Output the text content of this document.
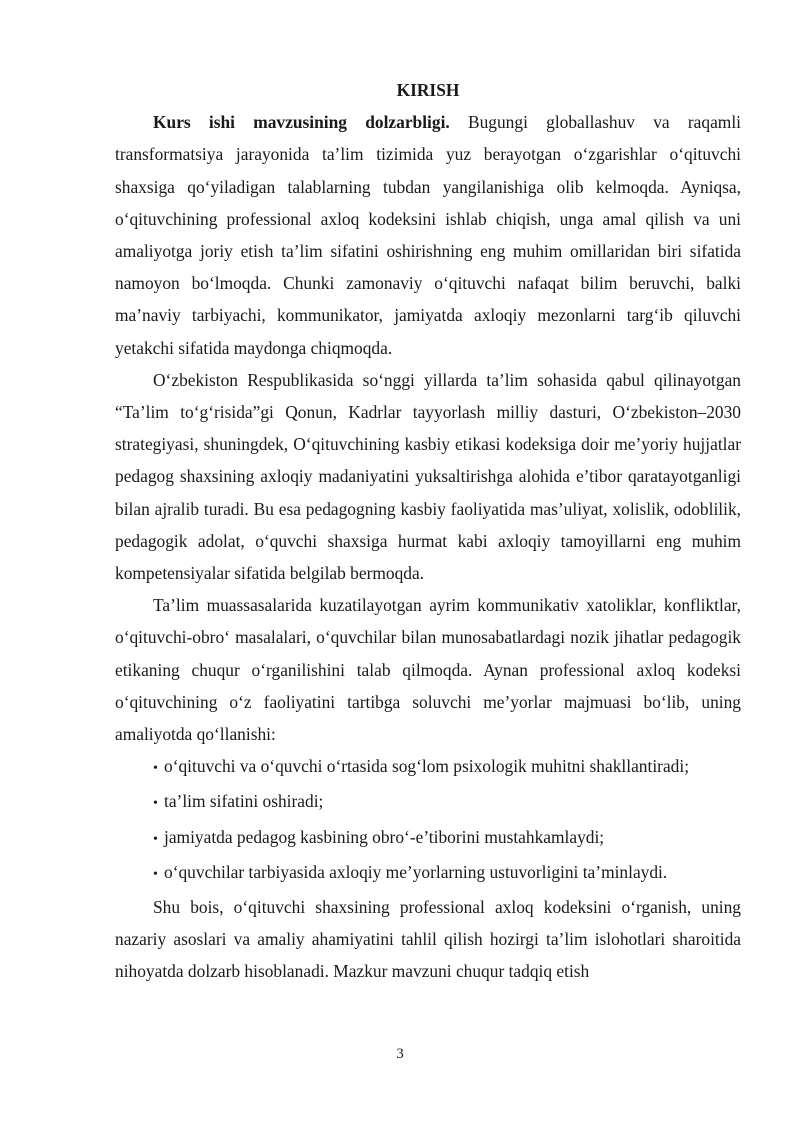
KIRISH

Kurs ishi mavzusining dolzarbligi. Bugungi globallashuv va raqamli transformatsiya jarayonida ta’lim tizimida yuz berayotgan o‘zgarishlar o‘qituvchi shaxsiga qo‘yiladigan talablarning tubdan yangilanishiga olib kelmoqda. Ayniqsa, o‘qituvchining professional axloq kodeksini ishlab chiqish, unga amal qilish va uni amaliyotga joriy etish ta’lim sifatini oshirishning eng muhim omillaridan biri sifatida namoyon bo‘lmoqda. Chunki zamonaviy o‘qituvchi nafaqat bilim beruvchi, balki ma’naviy tarbiyachi, kommunikator, jamiyatda axloqiy mezonlarni targ‘ib qiluvchi yetakchi sifatida maydonga chiqmoqda.

O‘zbekiston Respublikasida so‘nggi yillarda ta’lim sohasida qabul qilinayotgan “Ta’lim to‘g‘risida”gi Qonun, Kadrlar tayyorlash milliy dasturi, O‘zbekiston–2030 strategiyasi, shuningdek, O‘qituvchining kasbiy etikasi kodeksiga doir me’yoriy hujjatlar pedagog shaxsining axloqiy madaniyatini yuksaltirishga alohida e’tibor qaratayotganligi bilan ajralib turadi. Bu esa pedagogning kasbiy faoliyatida mas’uliyat, xolislik, odoblilik, pedagogik adolat, o‘quvchi shaxsiga hurmat kabi axloqiy tamoyillarni eng muhim kompetensiyalar sifatida belgilab bermoqda.

Ta’lim muassasalarida kuzatilayotgan ayrim kommunikativ xatoliklar, konfliktlar, o‘qituvchi-obro‘ masalalari, o‘quvchilar bilan munosabatlardagi nozik jihatlar pedagogik etikaning chuqur o‘rganilishini talab qilmoqda. Aynan professional axloq kodeksi o‘qituvchining o‘z faoliyatini tartibga soluvchi me’yorlar majmuasi bo‘lib, uning amaliyotda qo‘llanishi:

• o‘qituvchi va o‘quvchi o‘rtasida sog‘lom psixologik muhitni shakllantiradi;
• ta’lim sifatini oshiradi;
• jamiyatda pedagog kasbining obro‘-e’tiborini mustahkamlaydi;
• o‘quvchilar tarbiyasida axloqiy me’yorlarning ustuvorligini ta’minlaydi.

Shu bois, o‘qituvchi shaxsining professional axloq kodeksini o‘rganish, uning nazariy asoslari va amaliy ahamiyatini tahlil qilish hozirgi ta’lim islohotlari sharoitida nihoyatda dolzarb hisoblanadi. Mazkur mavzuni chuqur tadqiq etish

3
